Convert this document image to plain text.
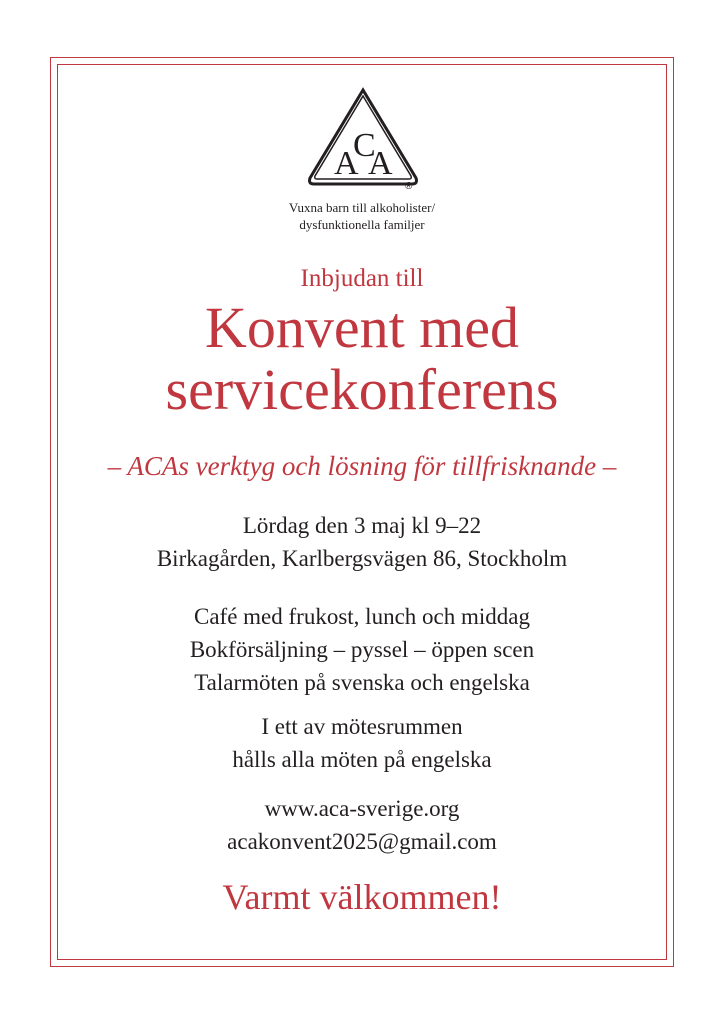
A
C
A
®
Vuxna barn till alkoholister/
dysfunktionella familjer
Inbjudan till
Konvent med
servicekonferens
– ACAs verktyg och lösning för tillfrisknande –
Lördag den 3 maj kl 9–22
Birkagården, Karlbergsvägen 86, Stockholm
Café med frukost, lunch och middag
Bokförsäljning – pyssel – öppen scen
Talarmöten på svenska och engelska
I ett av mötesrummen
hålls alla möten på engelska
www.aca-sverige.org
acakonvent2025@gmail.com
Varmt välkommen!
